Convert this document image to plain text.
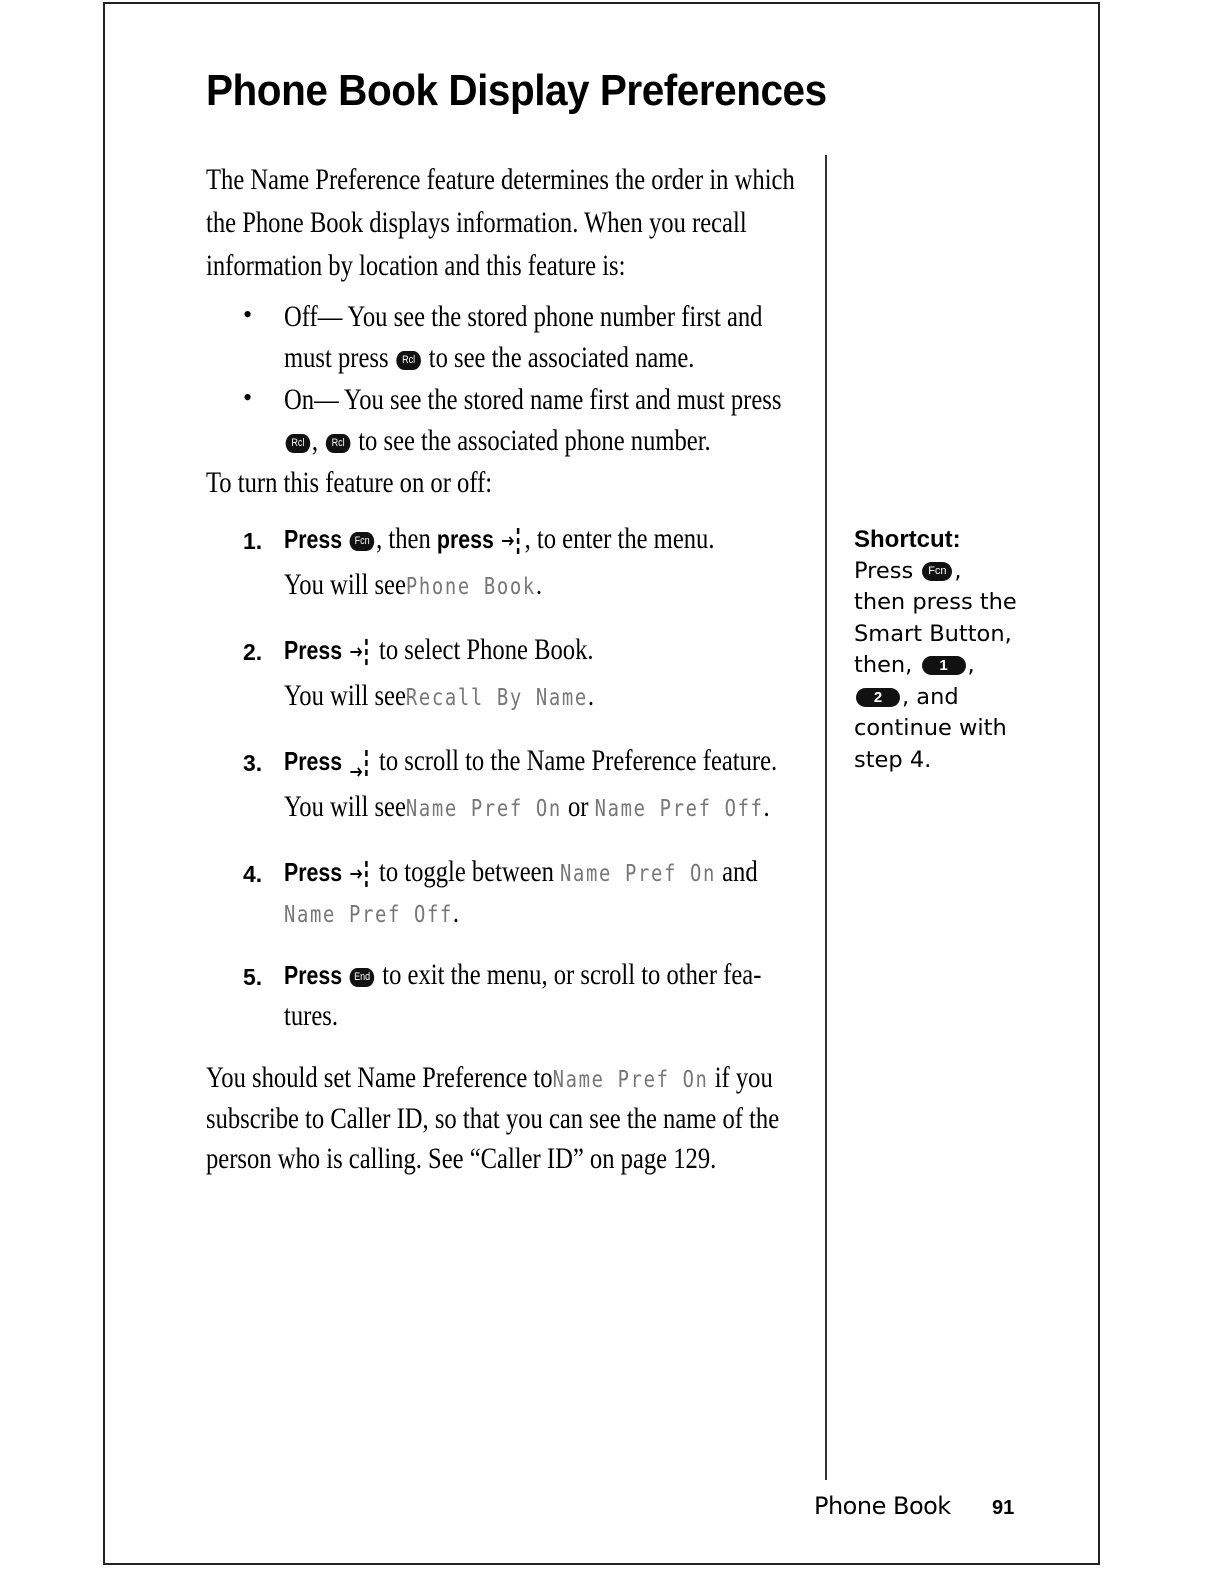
Phone Book Display Preferences
The Name Preference feature determines the order in which
the Phone Book displays information. When you recall
information by location and this feature is:
• Off— You see the stored phone number first and
must press Rcl to see the associated name.
• On— You see the stored name first and must press
Rcl , Rcl to see the associated phone number.
To turn this feature on or off:
1. Press Fcn , then press , to enter the menu.
You will seePhone Book.
2. Press to select Phone Book.
You will seeRecall By Name.
3. Press to scroll to the Name Preference feature.
You will seeName Pref On or Name Pref Off.
4. Press to toggle between Name Pref On and
Name Pref Off.
5. Press End to exit the menu, or scroll to other fea-
tures.
You should set Name Preference toName Pref On if you
subscribe to Caller ID, so that you can see the name of the
person who is calling. See “Caller ID” on page 129.
Shortcut:
Press Fcn ,
then press the
Smart Button,
then, 1 ,
2 , and
continue with
step 4.
Phone Book 91
